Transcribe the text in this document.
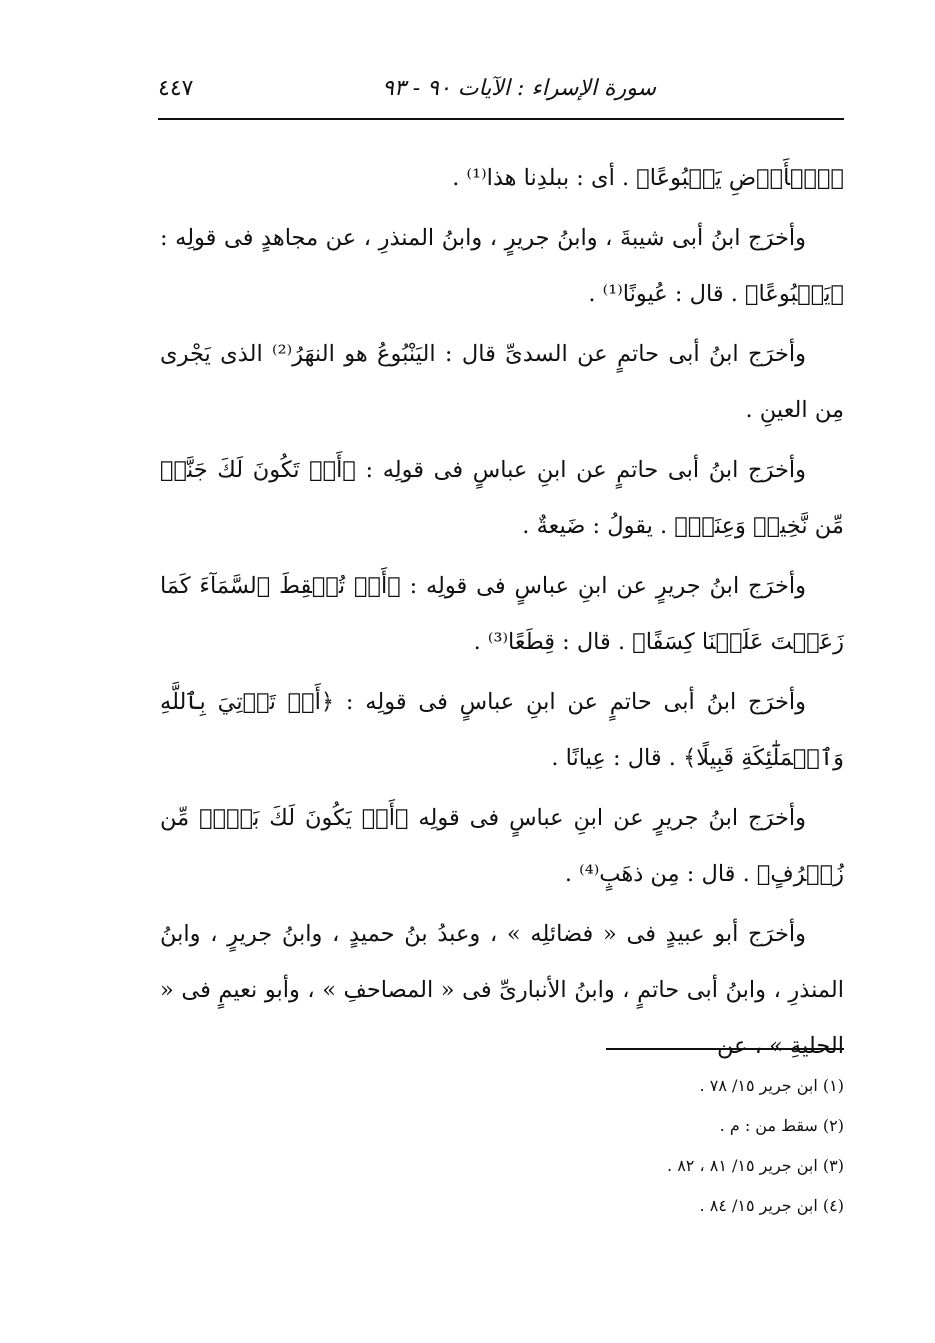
سورة الإسراء : الآيات ٩٠ - ٩٣
٤٤٧

﴿ٱلۡأَرۡضِ يَنۢبُوعًا﴾ . أى : ببلدِنا هذا⁽¹⁾ .

وأخرَج ابنُ أبى شيبةَ ، وابنُ جريرٍ ، وابنُ المنذرِ ، عن مجاهدٍ فى قولِه : ﴿يَنۢبُوعًا﴾ . قال : عُيونًا⁽¹⁾ .

وأخرَج ابنُ أبى حاتمٍ عن السدىِّ قال : اليَنْبُوعُ هو النهَرُ⁽²⁾ الذى يَجْرى مِن العينِ .

وأخرَج ابنُ أبى حاتمٍ عن ابنِ عباسٍ فى قولِه : ﴿أَوۡ تَكُونَ لَكَ جَنَّةٞ مِّن نَّخِيلٖ وَعِنَبٖ﴾ . يقولُ : ضَيعةٌ .

وأخرَج ابنُ جريرٍ عن ابنِ عباسٍ فى قولِه : ﴿أَوۡ تُسۡقِطَ ٱلسَّمَآءَ كَمَا زَعَمۡتَ عَلَيۡنَا كِسَفًا﴾ . قال : قِطَعًا⁽³⁾ .

وأخرَج ابنُ أبى حاتمٍ عن ابنِ عباسٍ فى قولِه : ﴿أَوۡ تَأۡتِيَ بِٱللَّهِ وَٱلۡمَلَٰٓئِكَةِ قَبِيلًا﴾ . قال : عِيانًا .

وأخرَج ابنُ جريرٍ عن ابنِ عباسٍ فى قولِه ﴿أَوۡ يَكُونَ لَكَ بَيۡتٞ مِّن زُخۡرُفٍ﴾ . قال : مِن ذهَبٍ⁽⁴⁾ .

وأخرَج أبو عبيدٍ فى « فضائلِه » ، وعبدُ بنُ حميدٍ ، وابنُ جريرٍ ، وابنُ المنذرِ ، وابنُ أبى حاتمٍ ، وابنُ الأنبارىِّ فى « المصاحفِ » ، وأبو نعيمٍ فى « الحليةِ » ، عن

(١) ابن جرير ١٥/ ٧٨ .
(٢) سقط من : م .
(٣) ابن جرير ١٥/ ٨١ ، ٨٢ .
(٤) ابن جرير ١٥/ ٨٤ .
